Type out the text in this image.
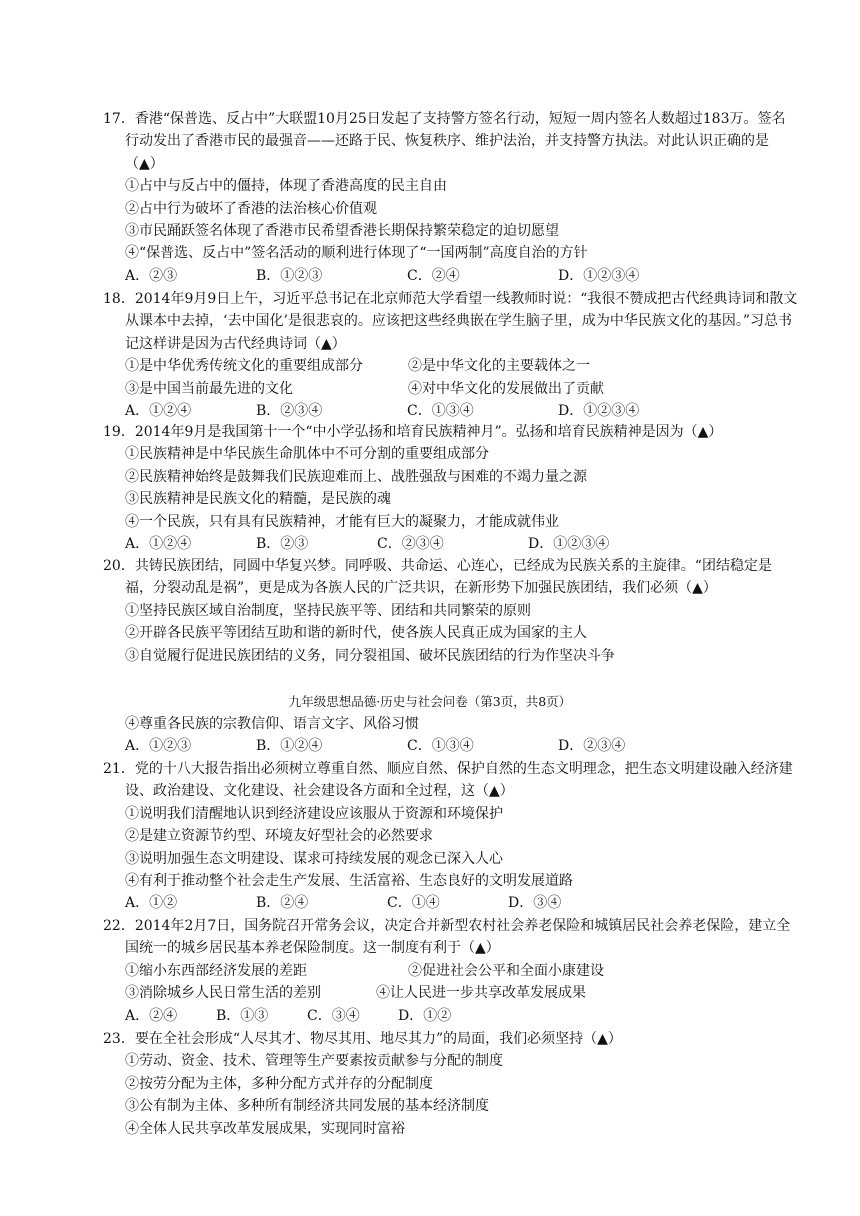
17．香港“保普选、反占中”大联盟10月25日发起了支持警方签名行动，短短一周内签名人数超过183万。签名行动发出了香港市民的最强音——还路于民、恢复秩序、维护法治，并支持警方执法。对此认识正确的是（▲）
①占中与反占中的僵持，体现了香港高度的民主自由
②占中行为破坏了香港的法治核心价值观
③市民踊跃签名体现了香港市民希望香港长期保持繁荣稳定的迫切愿望
④“保普选、反占中”签名活动的顺利进行体现了“一国两制”高度自治的方针
A．②③	B．①②③	C．②④	D．①②③④
18．2014年9月9日上午，习近平总书记在北京师范大学看望一线教师时说：“我很不赞成把古代经典诗词和散文从课本中去掉，‘去中国化’是很悲哀的。应该把这些经典嵌在学生脑子里，成为中华民族文化的基因。”习总书记这样讲是因为古代经典诗词（▲）
①是中华优秀传统文化的重要组成部分	②是中华文化的主要载体之一
③是中国当前最先进的文化	④对中华文化的发展做出了贡献
A．①②④	B．②③④	C．①③④	D．①②③④
19．2014年9月是我国第十一个“中小学弘扬和培育民族精神月”。弘扬和培育民族精神是因为（▲）
①民族精神是中华民族生命肌体中不可分割的重要组成部分
②民族精神始终是鼓舞我们民族迎难而上、战胜强敌与困难的不竭力量之源
③民族精神是民族文化的精髓，是民族的魂
④一个民族，只有具有民族精神，才能有巨大的凝聚力，才能成就伟业
A．①②④	B．②③	C．②③④	D．①②③④
20．共铸民族团结，同圆中华复兴梦。同呼吸、共命运、心连心，已经成为民族关系的主旋律。“团结稳定是福，分裂动乱是祸”，更是成为各族人民的广泛共识，在新形势下加强民族团结，我们必须（▲）
①坚持民族区域自治制度，坚持民族平等、团结和共同繁荣的原则
②开辟各民族平等团结互助和谐的新时代，使各族人民真正成为国家的主人
③自觉履行促进民族团结的义务，同分裂祖国、破坏民族团结的行为作坚决斗争
九年级思想品德·历史与社会问卷（第3页，共8页）
④尊重各民族的宗教信仰、语言文字、风俗习惯
A．①②③	B．①②④	C．①③④	D．②③④
21．党的十八大报告指出必须树立尊重自然、顺应自然、保护自然的生态文明理念，把生态文明建设融入经济建设、政治建设、文化建设、社会建设各方面和全过程，这（▲）
①说明我们清醒地认识到经济建设应该服从于资源和环境保护
②是建立资源节约型、环境友好型社会的必然要求
③说明加强生态文明建设、谋求可持续发展的观念已深入人心
④有利于推动整个社会走生产发展、生活富裕、生态良好的文明发展道路
A．①②	B．②④	C．①④	D．③④
22．2014年2月7日，国务院召开常务会议，决定合并新型农村社会养老保险和城镇居民社会养老保险，建立全国统一的城乡居民基本养老保险制度。这一制度有利于（▲）
①缩小东西部经济发展的差距	②促进社会公平和全面小康建设
③消除城乡人民日常生活的差别	④让人民进一步共享改革发展成果
A．②④	B．①③	C．③④	D．①②
23．要在全社会形成“人尽其才、物尽其用、地尽其力”的局面，我们必须坚持（▲）
①劳动、资金、技术、管理等生产要素按贡献参与分配的制度
②按劳分配为主体，多种分配方式并存的分配制度
③公有制为主体、多种所有制经济共同发展的基本经济制度
④全体人民共享改革发展成果，实现同时富裕
